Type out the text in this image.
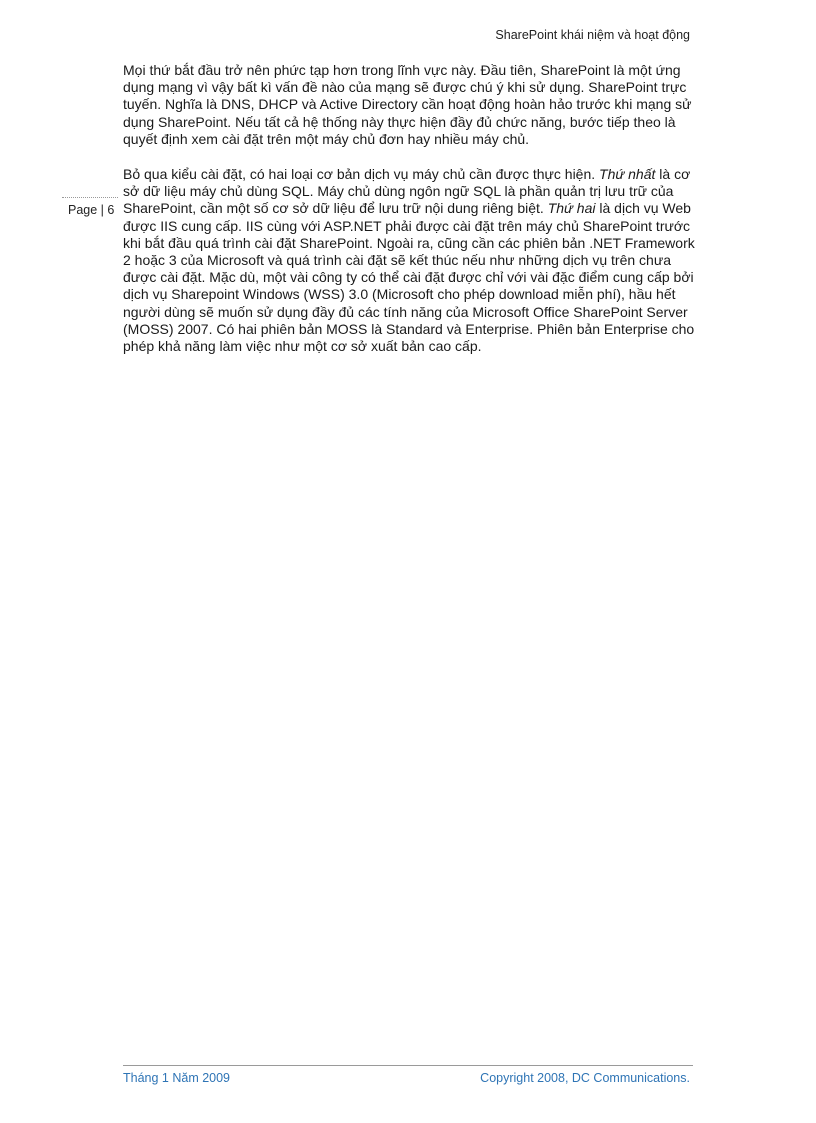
SharePoint khái niệm và hoạt động
Page | 6

Mọi thứ bắt đầu trở nên phức tạp hơn trong lĩnh vực này. Đầu tiên, SharePoint là một ứng dụng mạng vì vậy bất kì vấn đề nào của mạng sẽ được chú ý khi sử dụng. SharePoint trực tuyến. Nghĩa là DNS, DHCP và Active Directory cần hoạt động hoàn hảo trước khi mạng sử dụng SharePoint. Nếu tất cả hệ thống này thực hiện đầy đủ chức năng, bước tiếp theo là quyết định xem cài đặt trên một máy chủ đơn hay nhiều máy chủ.

Bỏ qua kiểu cài đặt, có hai loại cơ bản dịch vụ máy chủ cần được thực hiện. Thứ nhất là cơ sở dữ liệu máy chủ dùng SQL. Máy chủ dùng ngôn ngữ SQL là phần quản trị lưu trữ của SharePoint, cần một số cơ sở dữ liệu để lưu trữ nội dung riêng biệt. Thứ hai là dịch vụ Web được IIS cung cấp. IIS cùng với ASP.NET phải được cài đặt trên máy chủ SharePoint trước khi bắt đầu quá trình cài đặt SharePoint. Ngoài ra, cũng cần các phiên bản .NET Framework 2 hoặc 3 của Microsoft và quá trình cài đặt sẽ kết thúc nếu như những dịch vụ trên chưa được cài đặt. Mặc dù, một vài công ty có thể cài đặt được chỉ với vài đặc điểm cung cấp bởi dịch vụ Sharepoint Windows (WSS) 3.0 (Microsoft cho phép download miễn phí), hầu hết người dùng sẽ muốn sử dụng đầy đủ các tính năng của Microsoft Office SharePoint Server (MOSS) 2007. Có hai phiên bản MOSS là Standard và Enterprise. Phiên bản Enterprise cho phép khả năng làm việc như một cơ sở xuất bản cao cấp.

Tháng 1 Năm 2009	Copyright 2008, DC Communications.
